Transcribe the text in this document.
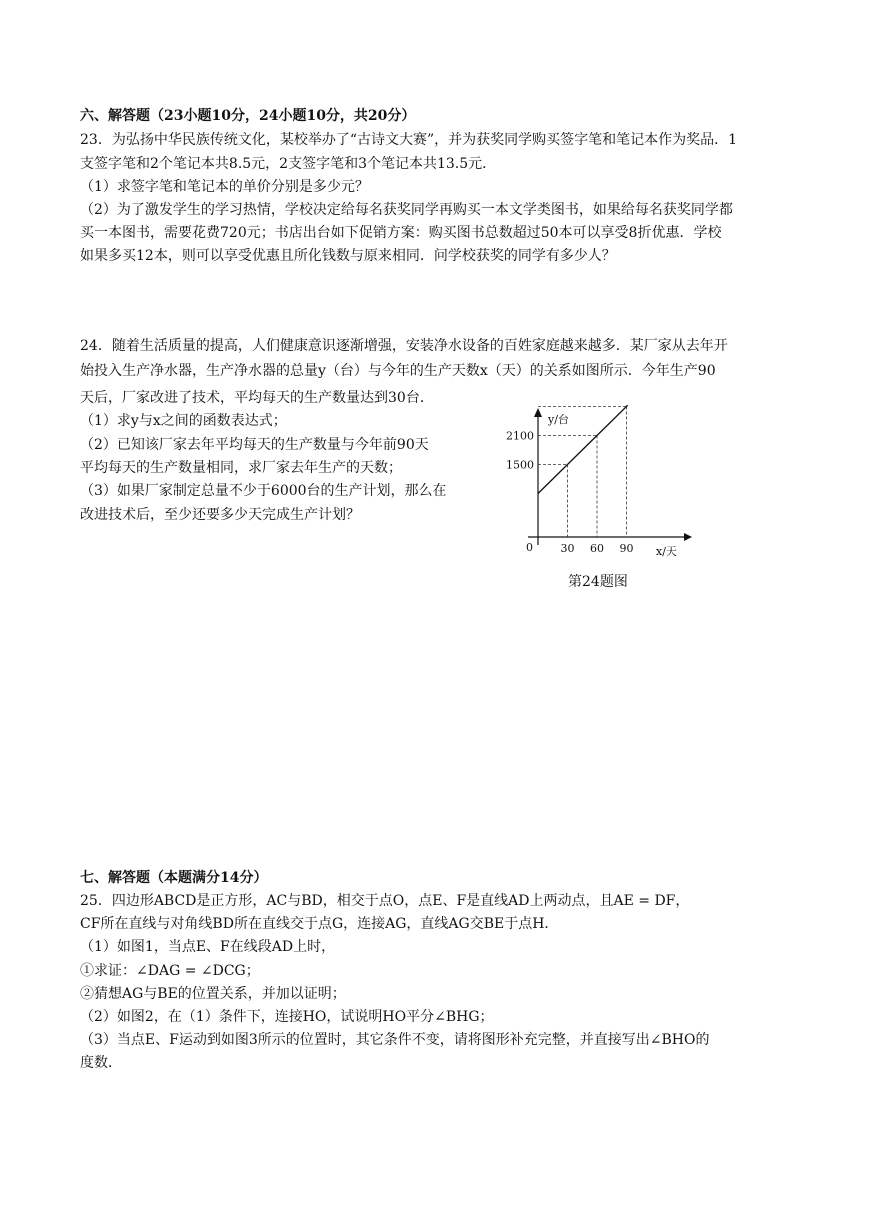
六、解答题（23小题10分，24小题10分，共20分）
23．为弘扬中华民族传统文化，某校举办了“古诗文大赛”，并为获奖同学购买签字笔和笔记本作为奖品．1
支签字笔和2个笔记本共8.5元，2支签字笔和3个笔记本共13.5元．
（1）求签字笔和笔记本的单价分别是多少元？
（2）为了激发学生的学习热情，学校决定给每名获奖同学再购买一本文学类图书，如果给每名获奖同学都
买一本图书，需要花费720元；书店出台如下促销方案：购买图书总数超过50本可以享受8折优惠．学校
如果多买12本，则可以享受优惠且所化钱数与原来相同．问学校获奖的同学有多少人？
24．随着生活质量的提高，人们健康意识逐渐增强，安装净水设备的百姓家庭越来越多．某厂家从去年开
始投入生产净水器，生产净水器的总量y（台）与今年的生产天数x（天）的关系如图所示．今年生产90
天后，厂家改进了技术，平均每天的生产数量达到30台．
（1）求y与x之间的函数表达式；
（2）已知该厂家去年平均每天的生产数量与今年前90天
平均每天的生产数量相同，求厂家去年生产的天数；
（3）如果厂家制定总量不少于6000台的生产计划，那么在
改进技术后，至少还要多少天完成生产计划？
y/台
x/天
0 30 60 90
1500
2100
第24题图
七、解答题（本题满分14分）
25．四边形ABCD是正方形，AC与BD，相交于点O，点E、F是直线AD上两动点，且AE = DF，
CF所在直线与对角线BD所在直线交于点G，连接AG，直线AG交BE于点H．
（1）如图1，当点E、F在线段AD上时，
①求证：∠DAG = ∠DCG；
②猜想AG与BE的位置关系，并加以证明；
（2）如图2，在（1）条件下，连接HO，试说明HO平分∠BHG；
（3）当点E、F运动到如图3所示的位置时，其它条件不变，请将图形补充完整，并直接写出∠BHO的
度数．
